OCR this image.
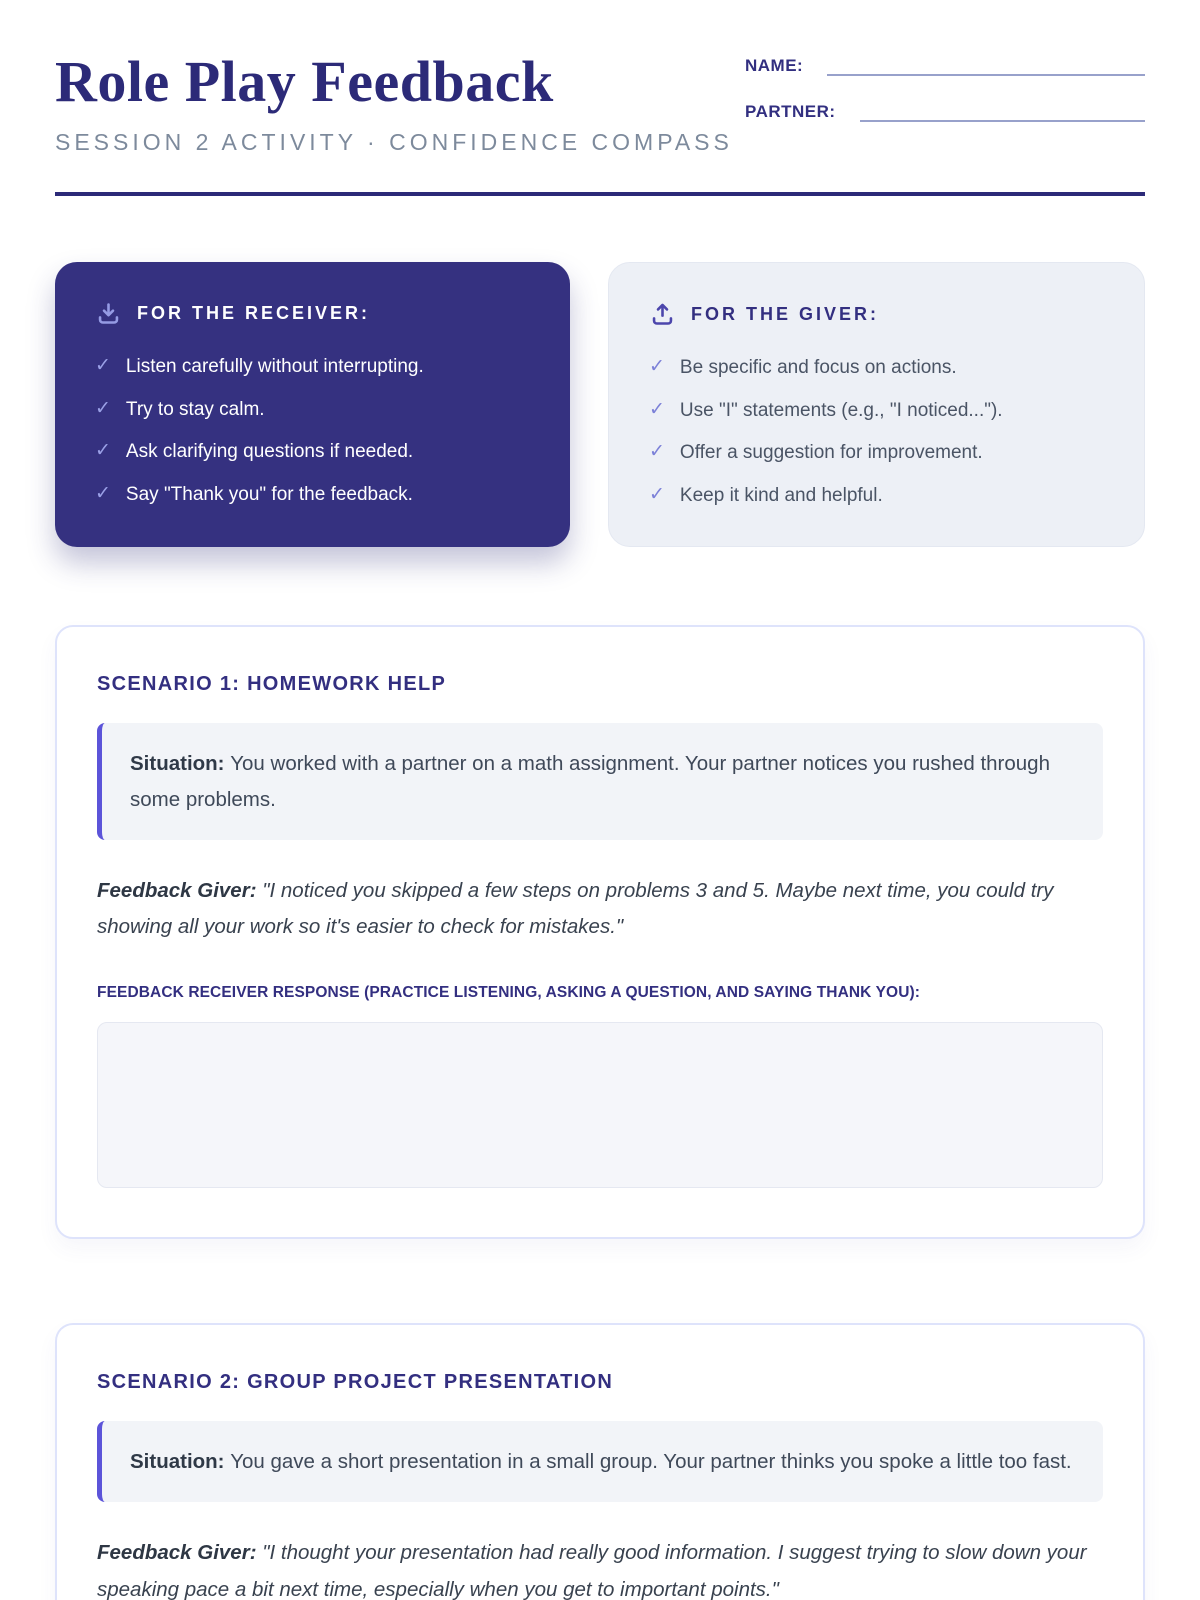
Role Play Feedback
SESSION 2 ACTIVITY · CONFIDENCE COMPASS
NAME:
PARTNER:
FOR THE RECEIVER:
✓ Listen carefully without interrupting.
✓ Try to stay calm.
✓ Ask clarifying questions if needed.
✓ Say "Thank you" for the feedback.
FOR THE GIVER:
✓ Be specific and focus on actions.
✓ Use "I" statements (e.g., "I noticed...").
✓ Offer a suggestion for improvement.
✓ Keep it kind and helpful.
SCENARIO 1: HOMEWORK HELP
Situation: You worked with a partner on a math assignment. Your partner notices you rushed through some problems.
Feedback Giver: "I noticed you skipped a few steps on problems 3 and 5. Maybe next time, you could try showing all your work so it's easier to check for mistakes."
FEEDBACK RECEIVER RESPONSE (PRACTICE LISTENING, ASKING A QUESTION, AND SAYING THANK YOU):
SCENARIO 2: GROUP PROJECT PRESENTATION
Situation: You gave a short presentation in a small group. Your partner thinks you spoke a little too fast.
Feedback Giver: "I thought your presentation had really good information. I suggest trying to slow down your speaking pace a bit next time, especially when you get to important points."
